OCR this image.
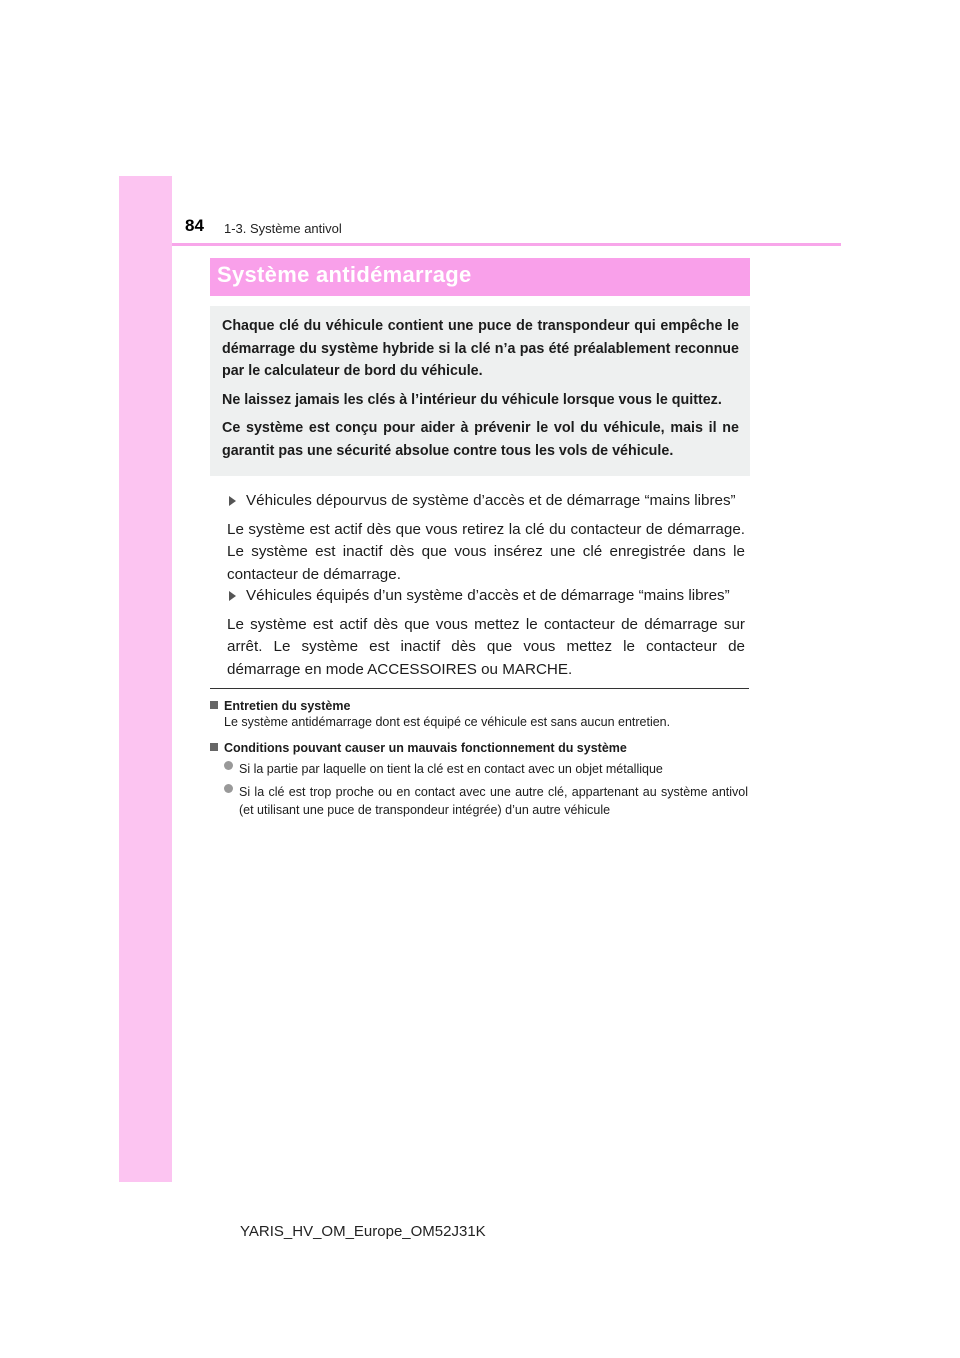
84 1-3. Système antivol
Système antidémarrage

Chaque clé du véhicule contient une puce de transpondeur qui empêche le démarrage du système hybride si la clé n’a pas été préalablement reconnue par le calculateur de bord du véhicule.

Ne laissez jamais les clés à l’intérieur du véhicule lorsque vous le quittez.

Ce système est conçu pour aider à prévenir le vol du véhicule, mais il ne garantit pas une sécurité absolue contre tous les vols de véhicule.

Véhicules dépourvus de système d’accès et de démarrage “mains libres”

Le système est actif dès que vous retirez la clé du contacteur de démarrage. Le système est inactif dès que vous insérez une clé enregistrée dans le contacteur de démarrage.

Véhicules équipés d’un système d’accès et de démarrage “mains libres”

Le système est actif dès que vous mettez le contacteur de démarrage sur arrêt. Le système est inactif dès que vous mettez le contacteur de démarrage en mode ACCESSOIRES ou MARCHE.

Entretien du système
Le système antidémarrage dont est équipé ce véhicule est sans aucun entretien.
Conditions pouvant causer un mauvais fonctionnement du système
Si la partie par laquelle on tient la clé est en contact avec un objet métallique
Si la clé est trop proche ou en contact avec une autre clé, appartenant au système antivol (et utilisant une puce de transpondeur intégrée) d’un autre véhicule
YARIS_HV_OM_Europe_OM52J31K
